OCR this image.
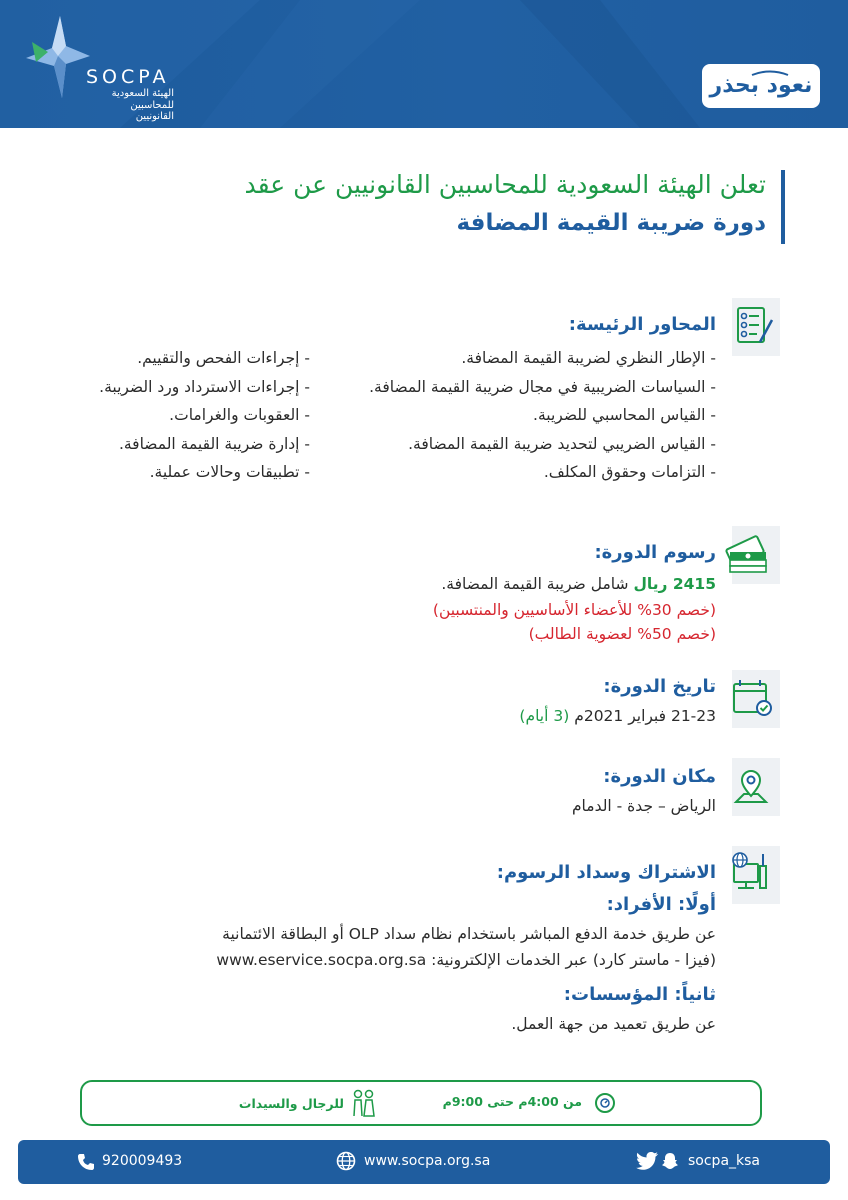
SOCPA
الهيئة السعودية
للمحاسبين القانونيين
نعود بحذر
تعلن الهيئة السعودية للمحاسبين القانونيين عن عقد
دورة ضريبة القيمة المضافة
المحاور الرئيسة:
- الإطار النظري لضريبة القيمة المضافة.
- السياسات الضريبية في مجال ضريبة القيمة المضافة.
- القياس المحاسبي للضريبة.
- القياس الضريبي لتحديد ضريبة القيمة المضافة.
- التزامات وحقوق المكلف.
- إجراءات الفحص والتقييم.
- إجراءات الاسترداد ورد الضريبة.
- العقوبات والغرامات.
- إدارة ضريبة القيمة المضافة.
- تطبيقات وحالات عملية.
رسوم الدورة:
2415 ريال شامل ضريبة القيمة المضافة.
(خصم 30% للأعضاء الأساسيين والمنتسبين)
(خصم 50% لعضوية الطالب)
تاريخ الدورة:
21-23 فبراير 2021م (3 أيام)
مكان الدورة:
الرياض – جدة - الدمام
الاشتراك وسداد الرسوم:
أولًا: الأفراد:
عن طريق خدمة الدفع المباشر باستخدام نظام سداد OLP أو البطاقة الائتمانية
(فيزا - ماستر كارد) عبر الخدمات الإلكترونية: www.eservice.socpa.org.sa
ثانياً: المؤسسات:
عن طريق تعميد من جهة العمل.
من 4:00م حتى 9:00م
للرجال والسيدات
920009493	www.socpa.org.sa	socpa_ksa
